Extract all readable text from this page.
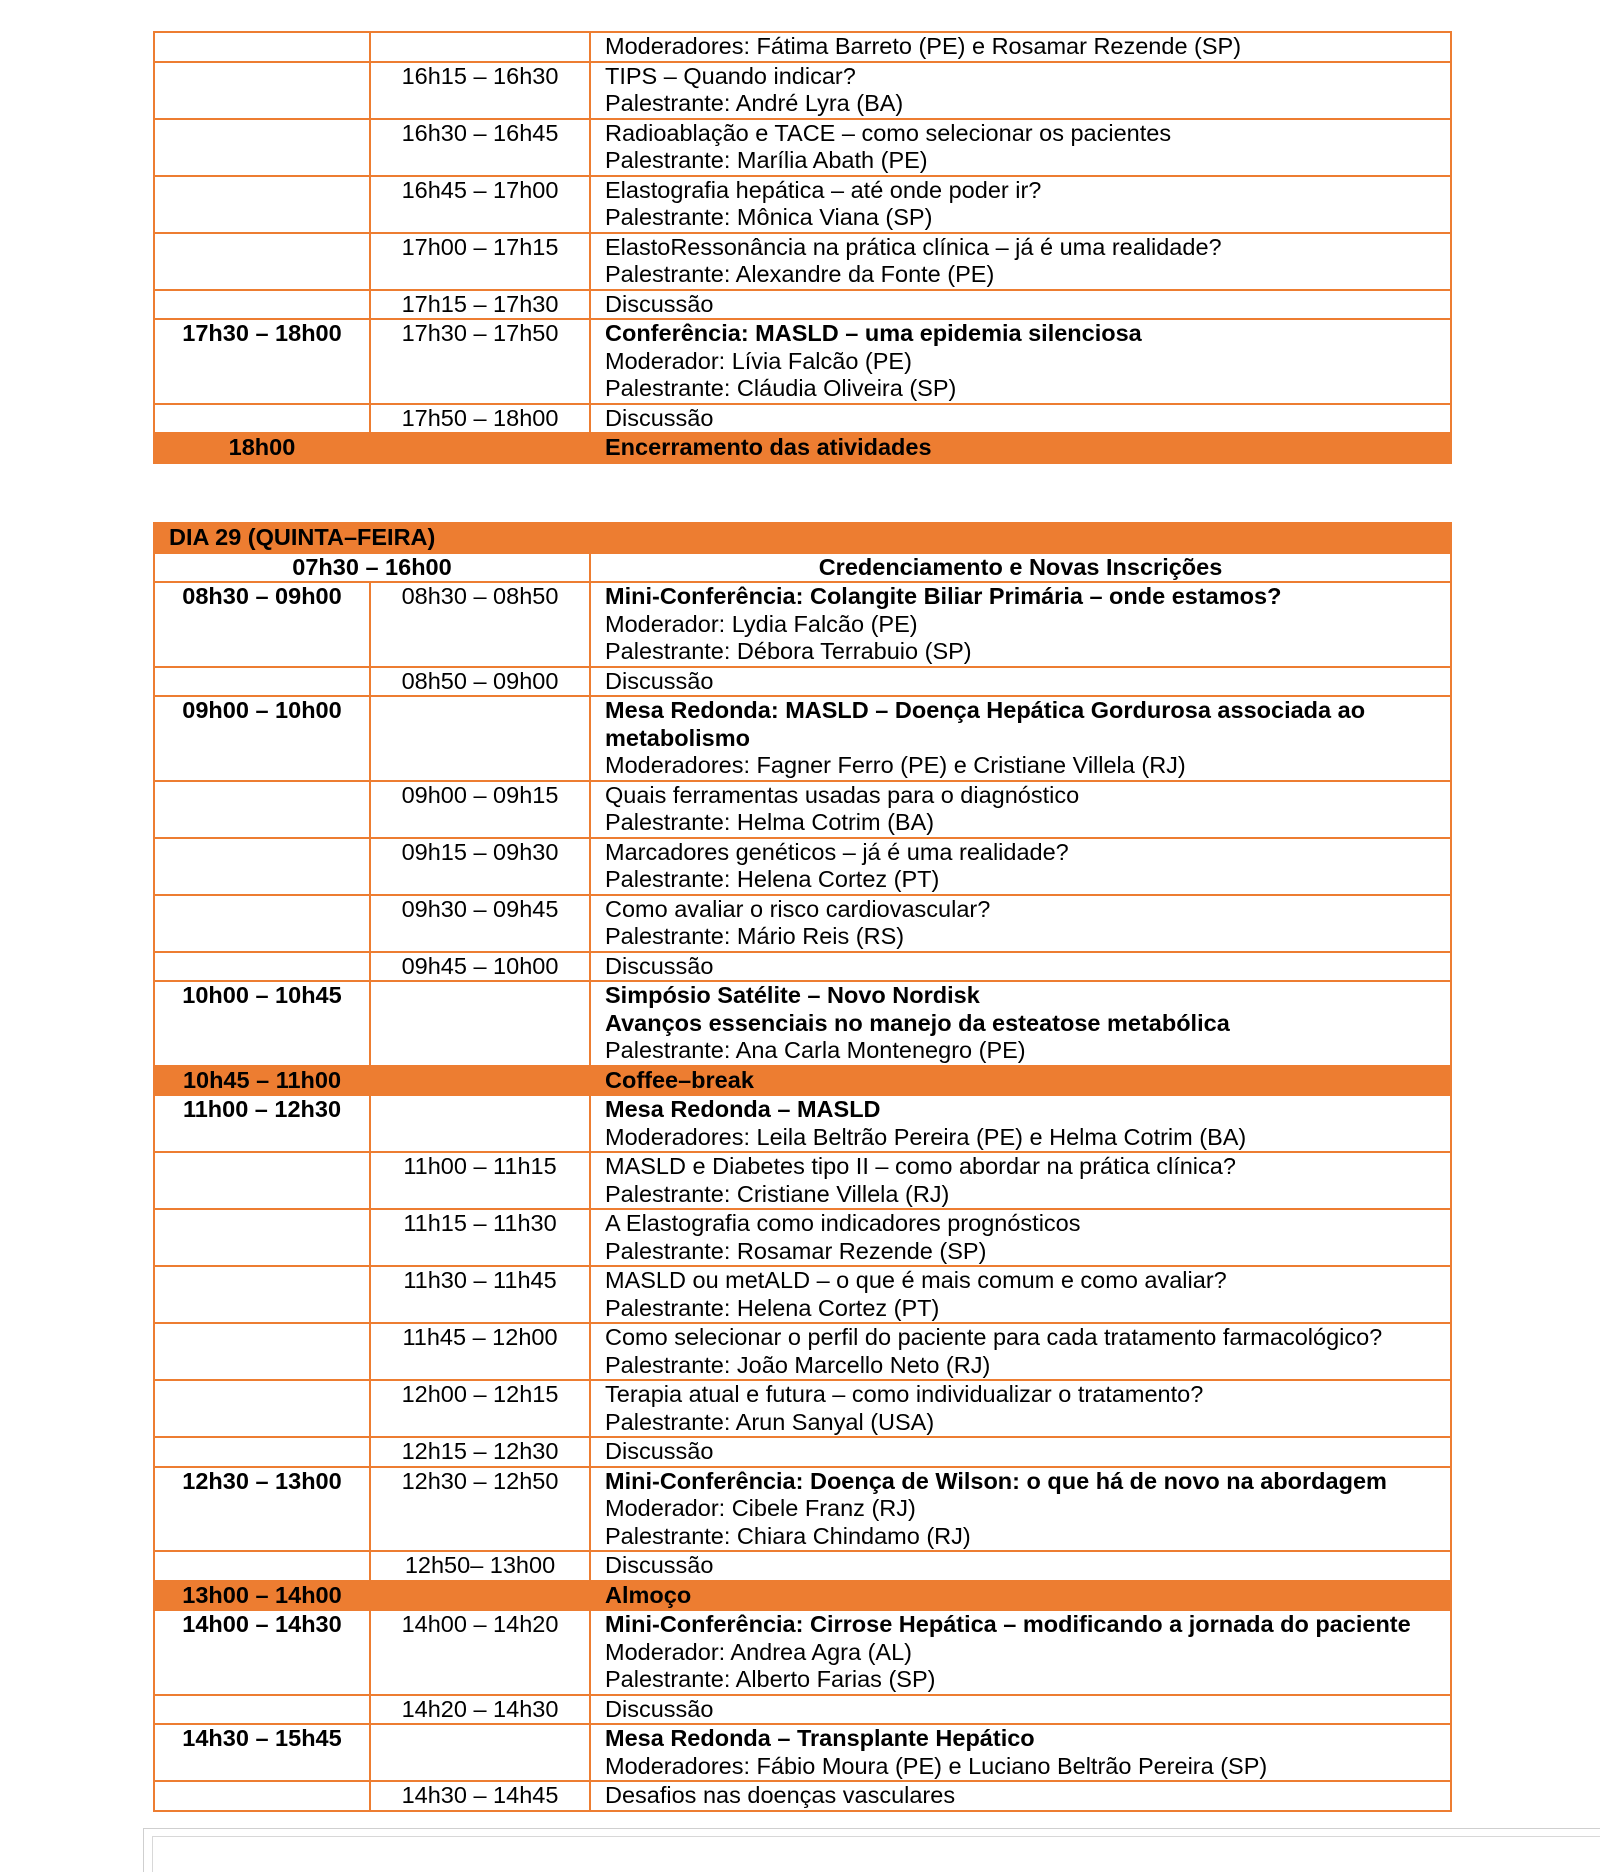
		Moderadores: Fátima Barreto (PE) e Rosamar Rezende (SP)

	16h15 – 16h30	TIPS – Quando indicar?
Palestrante: André Lyra (BA)

	16h30 – 16h45	Radioablação e TACE – como selecionar os pacientes
Palestrante: Marília Abath (PE)

	16h45 – 17h00	Elastografia hepática – até onde poder ir?
Palestrante: Mônica Viana (SP)

	17h00 – 17h15	ElastoRessonância na prática clínica – já é uma realidade?
Palestrante: Alexandre da Fonte (PE)

	17h15 – 17h30	Discussão

17h30 – 18h00	17h30 – 17h50	Conferência: MASLD – uma epidemia silenciosa
Moderador: Lívia Falcão (PE)
Palestrante: Cláudia Oliveira (SP)

	17h50 – 18h00	Discussão

18h00		Encerramento das atividades
DIA 29 (QUINTA–FEIRA)		
07h30 – 16h00		Credenciamento e Novas Inscrições
08h30 – 09h00	08h30 – 08h50	Mini-Conferência: Colangite Biliar Primária – onde estamos?
Moderador: Lydia Falcão (PE)
Palestrante: Débora Terrabuio (SP)

	08h50 – 09h00	Discussão

09h00 – 10h00		Mesa Redonda: MASLD – Doença Hepática Gordurosa associada ao metabolismo
Moderadores: Fagner Ferro (PE) e Cristiane Villela (RJ)

	09h00 – 09h15	Quais ferramentas usadas para o diagnóstico
Palestrante: Helma Cotrim (BA)

	09h15 – 09h30	Marcadores genéticos – já é uma realidade?
Palestrante: Helena Cortez (PT)

	09h30 – 09h45	Como avaliar o risco cardiovascular?
Palestrante: Mário Reis (RS)

	09h45 – 10h00	Discussão

10h00 – 10h45		Simpósio Satélite – Novo Nordisk
Avanços essenciais no manejo da esteatose metabólica
Palestrante: Ana Carla Montenegro (PE)

10h45 – 11h00		Coffee–break

11h00 – 12h30		Mesa Redonda – MASLD
Moderadores: Leila Beltrão Pereira (PE) e Helma Cotrim (BA)

	11h00 – 11h15	MASLD e Diabetes tipo II – como abordar na prática clínica?
Palestrante: Cristiane Villela (RJ)

	11h15 – 11h30	A Elastografia como indicadores prognósticos
Palestrante: Rosamar Rezende (SP)

	11h30 – 11h45	MASLD ou metALD – o que é mais comum e como avaliar?
Palestrante: Helena Cortez (PT)

	11h45 – 12h00	Como selecionar o perfil do paciente para cada tratamento farmacológico?
Palestrante: João Marcello Neto (RJ)

	12h00 – 12h15	Terapia atual e futura – como individualizar o tratamento?
Palestrante: Arun Sanyal (USA)

	12h15 – 12h30	Discussão

12h30 – 13h00	12h30 – 12h50	Mini-Conferência: Doença de Wilson: o que há de novo na abordagem
Moderador: Cibele Franz (RJ)
Palestrante: Chiara Chindamo (RJ)

	12h50– 13h00	Discussão

13h00 – 14h00		Almoço

14h00 – 14h30	14h00 – 14h20	Mini-Conferência: Cirrose Hepática – modificando a jornada do paciente
Moderador: Andrea Agra (AL)
Palestrante: Alberto Farias (SP)

	14h20 – 14h30	Discussão

14h30 – 15h45		Mesa Redonda – Transplante Hepático
Moderadores: Fábio Moura (PE) e Luciano Beltrão Pereira (SP)

	14h30 – 14h45	Desafios nas doenças vasculares
